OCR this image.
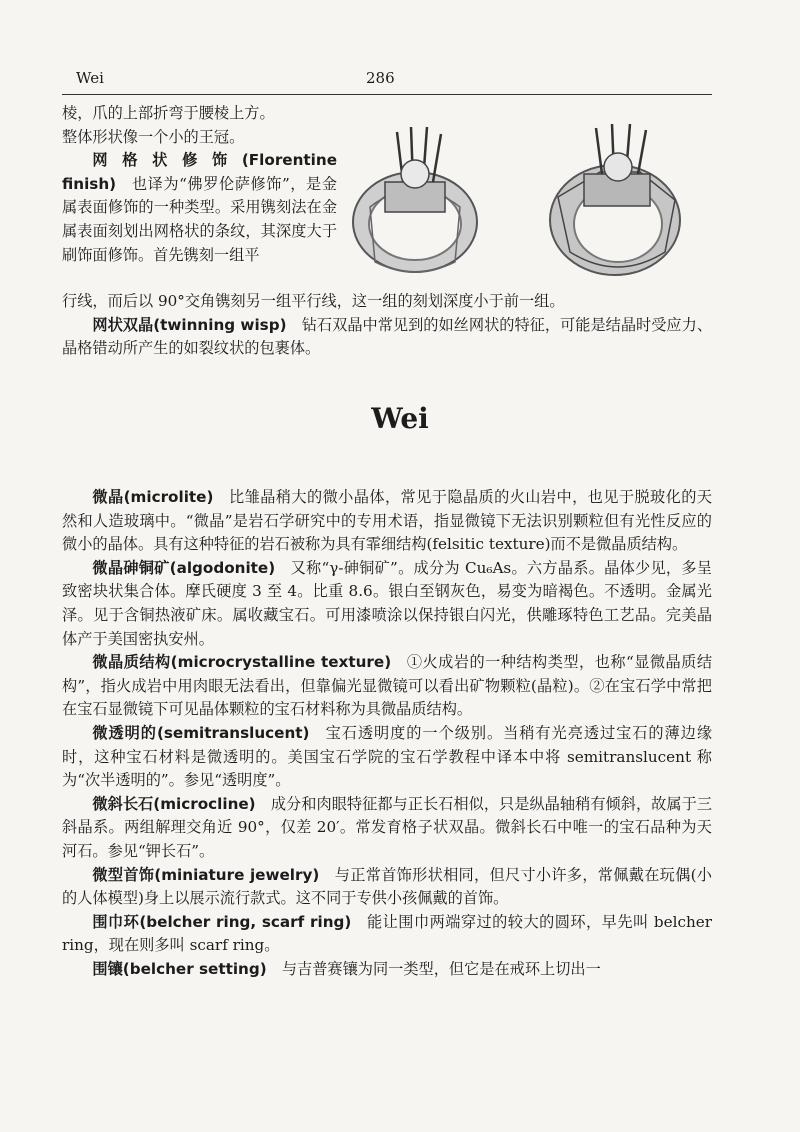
Wei	286

棱，爪的上部折弯于腰棱上方。

整体形状像一个小的王冠。

网格状修饰(Florentine finish)  也译为“佛罗伦萨修饰”，是金属表面修饰的一种类型。采用镌刻法在金属表面刻划出网格状的条纹，其深度大于刷饰面修饰。首先镌刻一组平

行线，而后以 90°交角镌刻另一组平行线，这一组的刻划深度小于前一组。

网状双晶(twinning wisp)  钻石双晶中常见到的如丝网状的特征，可能是结晶时受应力、晶格错动所产生的如裂纹状的包裹体。

Wei

微晶(microlite)  比雏晶稍大的微小晶体，常见于隐晶质的火山岩中，也见于脱玻化的天然和人造玻璃中。“微晶”是岩石学研究中的专用术语，指显微镜下无法识别颗粒但有光性反应的微小的晶体。具有这种特征的岩石被称为具有霏细结构(felsitic texture)而不是微晶质结构。

微晶砷铜矿(algodonite)  又称“γ-砷铜矿”。成分为 Cu₆As。六方晶系。晶体少见，多呈致密块状集合体。摩氏硬度 3 至 4。比重 8.6。银白至钢灰色，易变为暗褐色。不透明。金属光泽。见于含铜热液矿床。属收藏宝石。可用漆喷涂以保持银白闪光，供雕琢特色工艺品。完美晶体产于美国密执安州。

微晶质结构(microcrystalline texture)  ①火成岩的一种结构类型，也称“显微晶质结构”，指火成岩中用肉眼无法看出，但靠偏光显微镜可以看出矿物颗粒(晶粒)。②在宝石学中常把在宝石显微镜下可见晶体颗粒的宝石材料称为具微晶质结构。

微透明的(semitranslucent)  宝石透明度的一个级别。当稍有光亮透过宝石的薄边缘时，这种宝石材料是微透明的。美国宝石学院的宝石学教程中译本中将 semitranslucent 称为“次半透明的”。参见“透明度”。

微斜长石(microcline)  成分和肉眼特征都与正长石相似，只是纵晶轴稍有倾斜，故属于三斜晶系。两组解理交角近 90°，仅差 20′。常发育格子状双晶。微斜长石中唯一的宝石品种为天河石。参见“钾长石”。

微型首饰(miniature jewelry)  与正常首饰形状相同，但尺寸小许多，常佩戴在玩偶(小的人体模型)身上以展示流行款式。这不同于专供小孩佩戴的首饰。

围巾环(belcher ring, scarf ring)  能让围巾两端穿过的较大的圆环，早先叫 belcher ring，现在则多叫 scarf ring。

围镶(belcher setting)  与吉普赛镶为同一类型，但它是在戒环上切出一
